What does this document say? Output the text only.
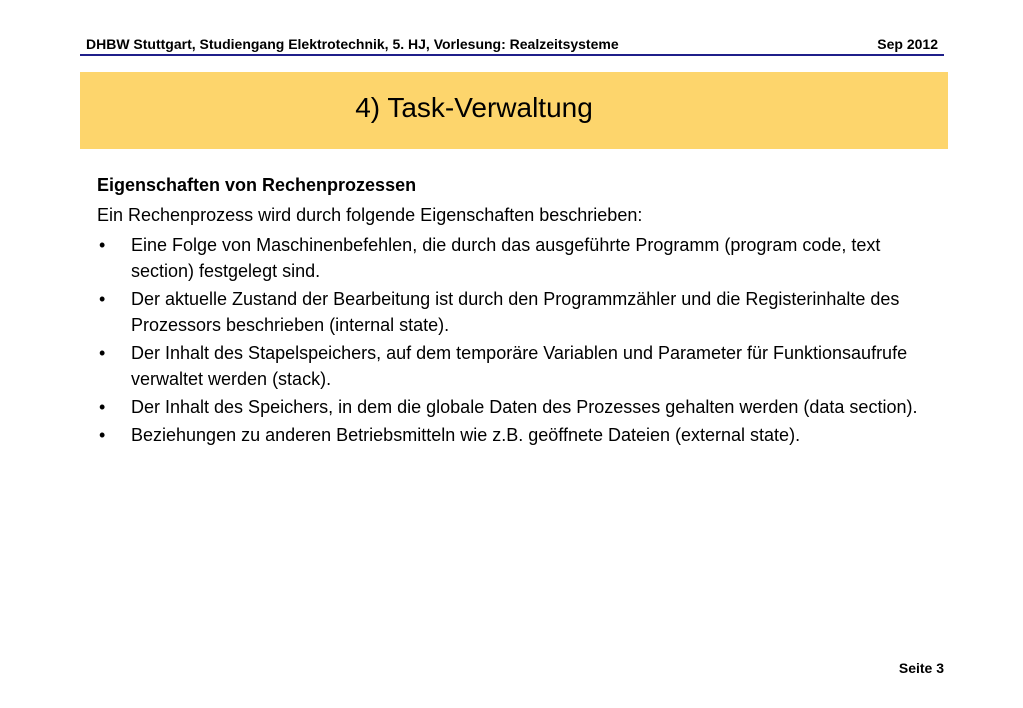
DHBW Stuttgart, Studiengang Elektrotechnik, 5. HJ, Vorlesung: Realzeitsysteme	Sep 2012
4) Task-Verwaltung
Eigenschaften von Rechenprozessen
Ein Rechenprozess wird durch folgende Eigenschaften beschrieben:
• Eine Folge von Maschinenbefehlen, die durch das ausgeführte Programm (program code, text section) festgelegt sind.
• Der aktuelle Zustand der Bearbeitung ist durch den Programmzähler und die Registerinhalte des Prozessors beschrieben (internal state).
• Der Inhalt des Stapelspeichers, auf dem temporäre Variablen und Parameter für Funktionsaufrufe verwaltet werden (stack).
• Der Inhalt des Speichers, in dem die globale Daten des Prozesses gehalten werden (data section).
• Beziehungen zu anderen Betriebsmitteln wie z.B. geöffnete Dateien (external state).
Seite 3
